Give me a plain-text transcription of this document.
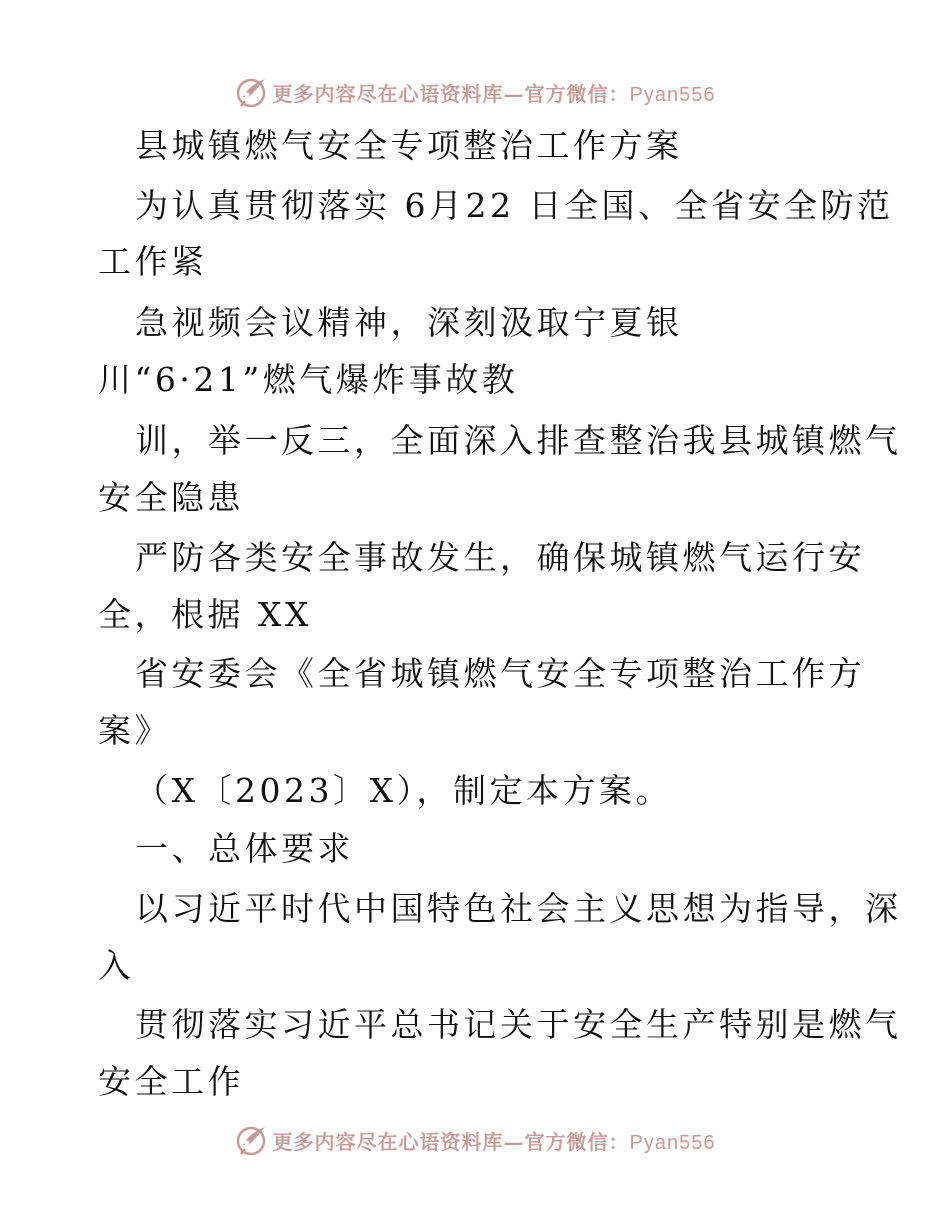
更多内容尽在心语资料库—官方微信：Pyan556
县城镇燃气安全专项整治工作方案
为认真贯彻落实 6月22 日全国、全省安全防范
工作紧
急视频会议精神，深刻汲取宁夏银
川“6·21”燃气爆炸事故教
训，举一反三，全面深入排查整治我县城镇燃气
安全隐患
严防各类安全事故发生，确保城镇燃气运行安
全，根据 XX
省安委会《全省城镇燃气安全专项整治工作方
案》
（X〔2023〕X），制定本方案。
一、总体要求
以习近平时代中国特色社会主义思想为指导，深
入
贯彻落实习近平总书记关于安全生产特别是燃气
安全工作
更多内容尽在心语资料库—官方微信：Pyan556
